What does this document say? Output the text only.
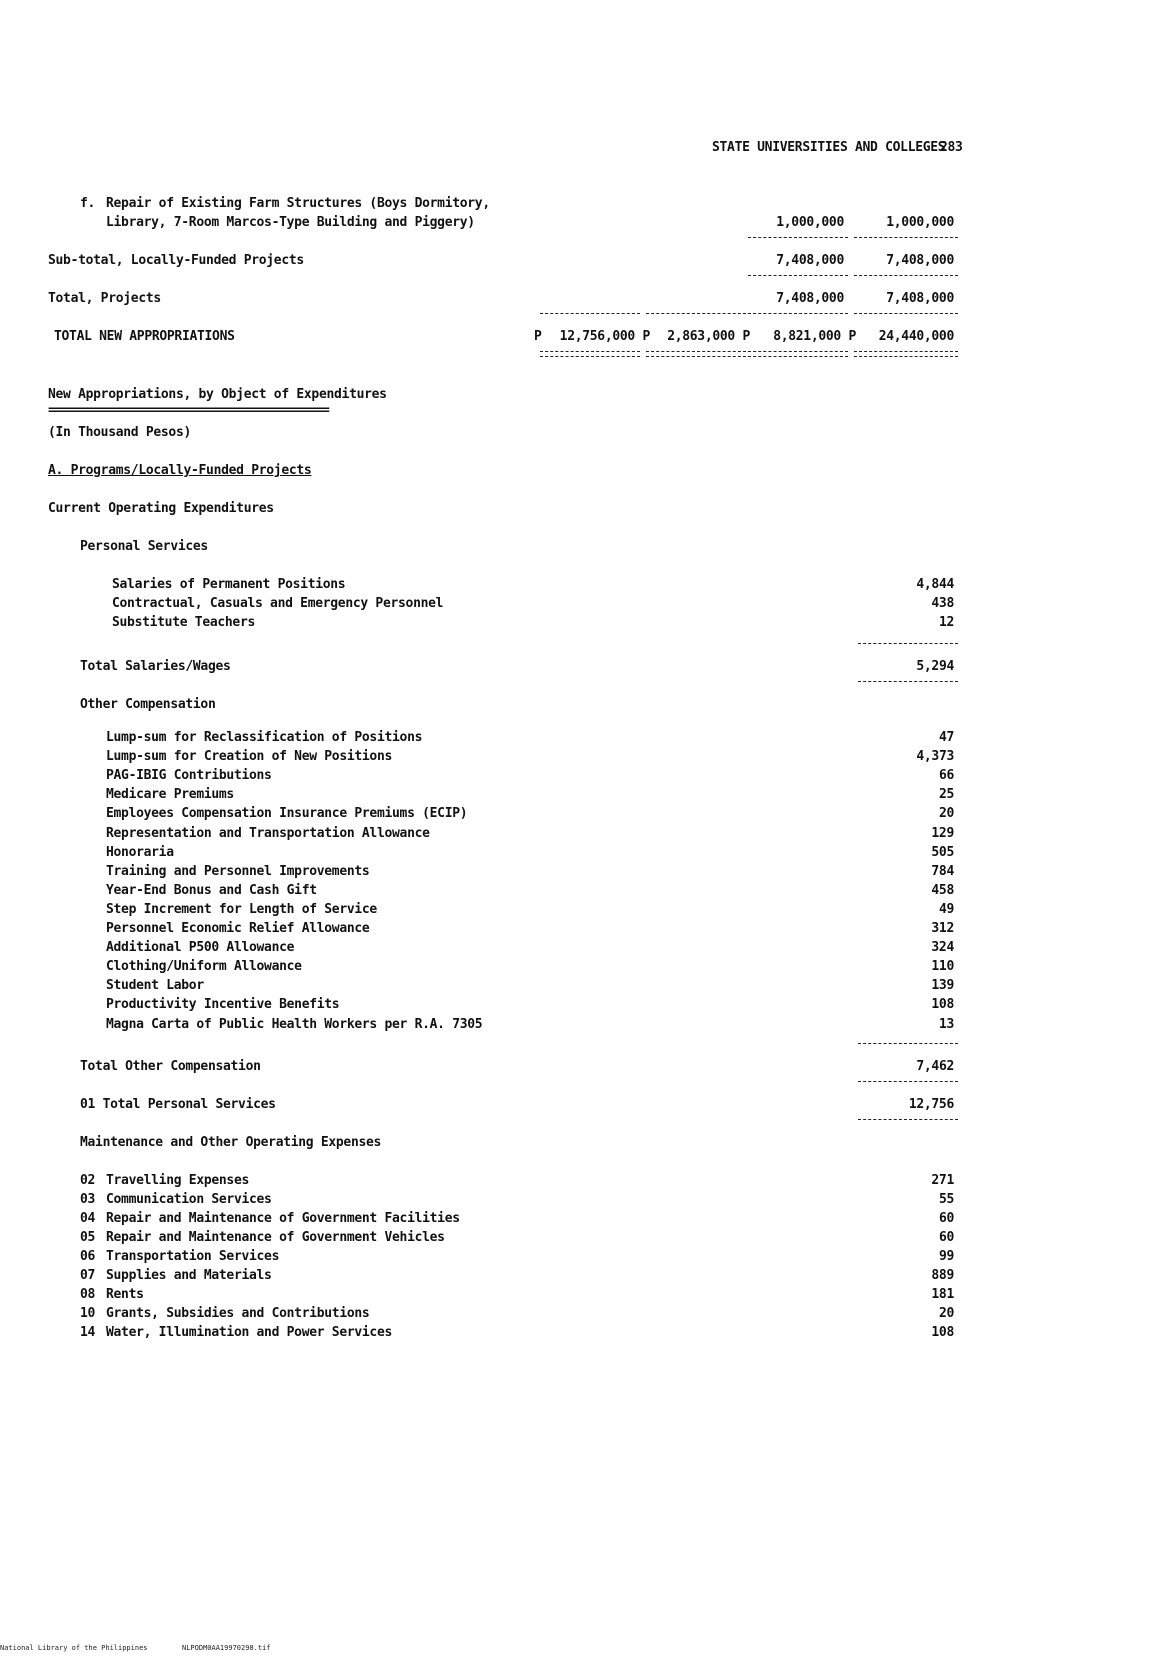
STATE UNIVERSITIES AND COLLEGES
283
f. Repair of Existing Farm Structures (Boys Dormitory,
Library, 7-Room Marcos-Type Building and Piggery)	1,000,000	1,000,000
Sub-total, Locally-Funded Projects	7,408,000	7,408,000
Total, Projects	7,408,000	7,408,000
TOTAL NEW APPROPRIATIONS	P	12,756,000 P	2,863,000 P	8,821,000 P	24,440,000
New Appropriations, by Object of Expenditures
=============================================
(In Thousand Pesos)
A. Programs/Locally-Funded Projects
Current Operating Expenditures
Personal Services
Salaries of Permanent Positions	4,844
Contractual, Casuals and Emergency Personnel	438
Substitute Teachers	12
Total Salaries/Wages	5,294
Other Compensation
Lump-sum for Reclassification of Positions	47
Lump-sum for Creation of New Positions	4,373
PAG-IBIG Contributions	66
Medicare Premiums	25
Employees Compensation Insurance Premiums (ECIP)	20
Representation and Transportation Allowance	129
Honoraria	505
Training and Personnel Improvements	784
Year-End Bonus and Cash Gift	458
Step Increment for Length of Service	49
Personnel Economic Relief Allowance	312
Additional P500 Allowance	324
Clothing/Uniform Allowance	110
Student Labor	139
Productivity Incentive Benefits	108
Magna Carta of Public Health Workers per R.A. 7305	13
Total Other Compensation	7,462
01 Total Personal Services	12,756
Maintenance and Other Operating Expenses
02 Travelling Expenses	271
03 Communication Services	55
04 Repair and Maintenance of Government Facilities	60
05 Repair and Maintenance of Government Vehicles	60
06 Transportation Services	99
07 Supplies and Materials	889
08 Rents	181
10 Grants, Subsidies and Contributions	20
14 Water, Illumination and Power Services	108
National Library of the Philippines	NLPODM0AA19970298.tif
